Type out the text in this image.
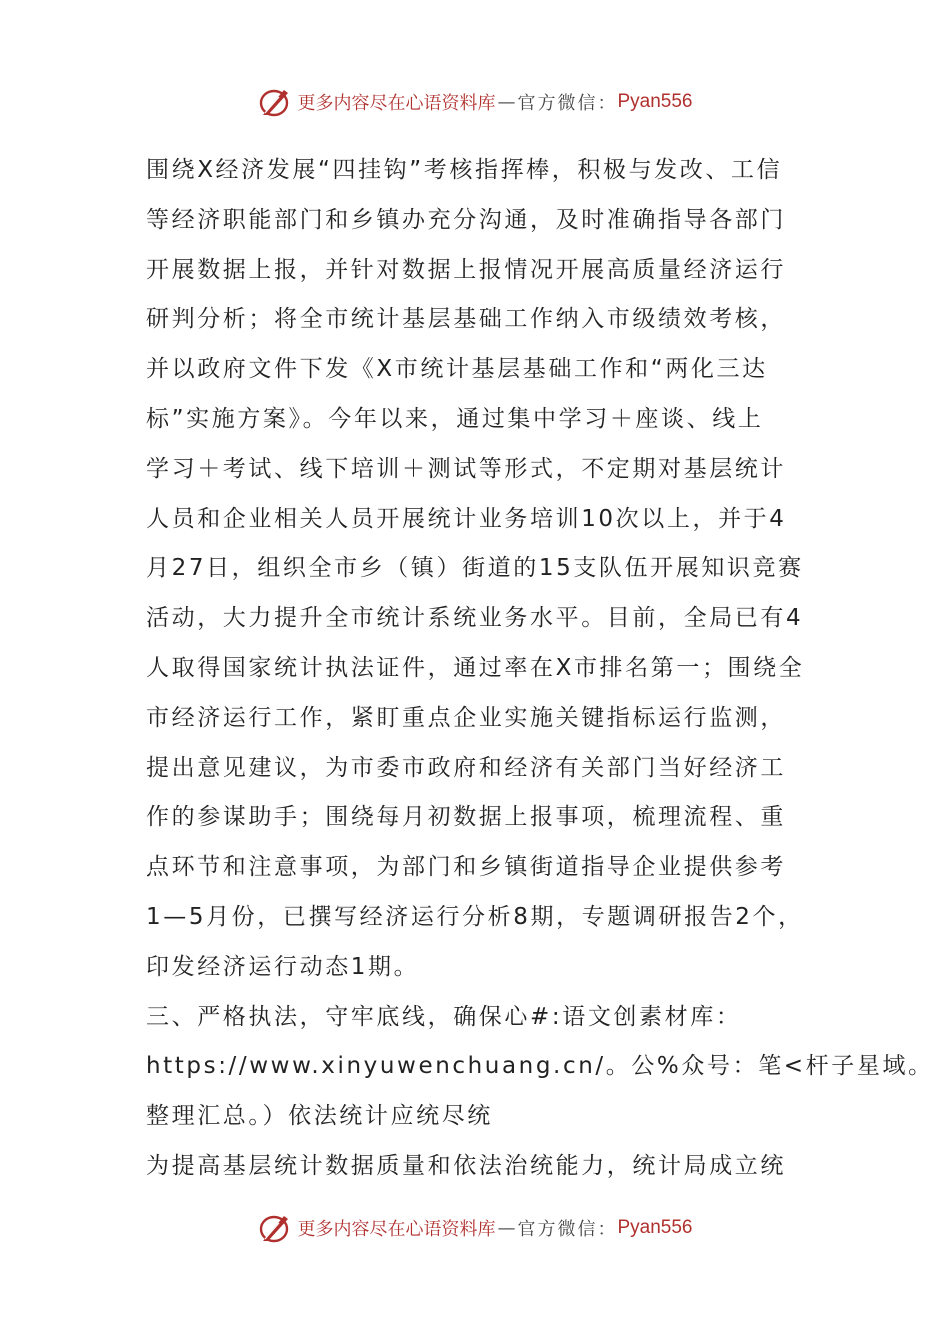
更多内容尽在心语资料库 — 官方微信： Pyan556
围绕X经济发展“四挂钩”考核指挥棒，积极与发改、工信
等经济职能部门和乡镇办充分沟通，及时准确指导各部门
开展数据上报，并针对数据上报情况开展高质量经济运行
研判分析；将全市统计基层基础工作纳入市级绩效考核，
并以政府文件下发《X市统计基层基础工作和“两化三达
标”实施方案》。今年以来，通过集中学习＋座谈、线上
学习＋考试、线下培训＋测试等形式，不定期对基层统计
人员和企业相关人员开展统计业务培训10次以上，并于4
月27日，组织全市乡（镇）街道的15支队伍开展知识竞赛
活动，大力提升全市统计系统业务水平。目前，全局已有4
人取得国家统计执法证件，通过率在X市排名第一；围绕全
市经济运行工作，紧盯重点企业实施关键指标运行监测，
提出意见建议，为市委市政府和经济有关部门当好经济工
作的参谋助手；围绕每月初数据上报事项，梳理流程、重
点环节和注意事项，为部门和乡镇街道指导企业提供参考
1—5月份，已撰写经济运行分析8期，专题调研报告2个，
印发经济运行动态1期。
三、严格执法，守牢底线，确保心#:语文创素材库：
https://www.xinyuwenchuang.cn/。公%众号：笔<杆子星域。
整理汇总。）依法统计应统尽统
为提高基层统计数据质量和依法治统能力，统计局成立统
更多内容尽在心语资料库 — 官方微信： Pyan556
